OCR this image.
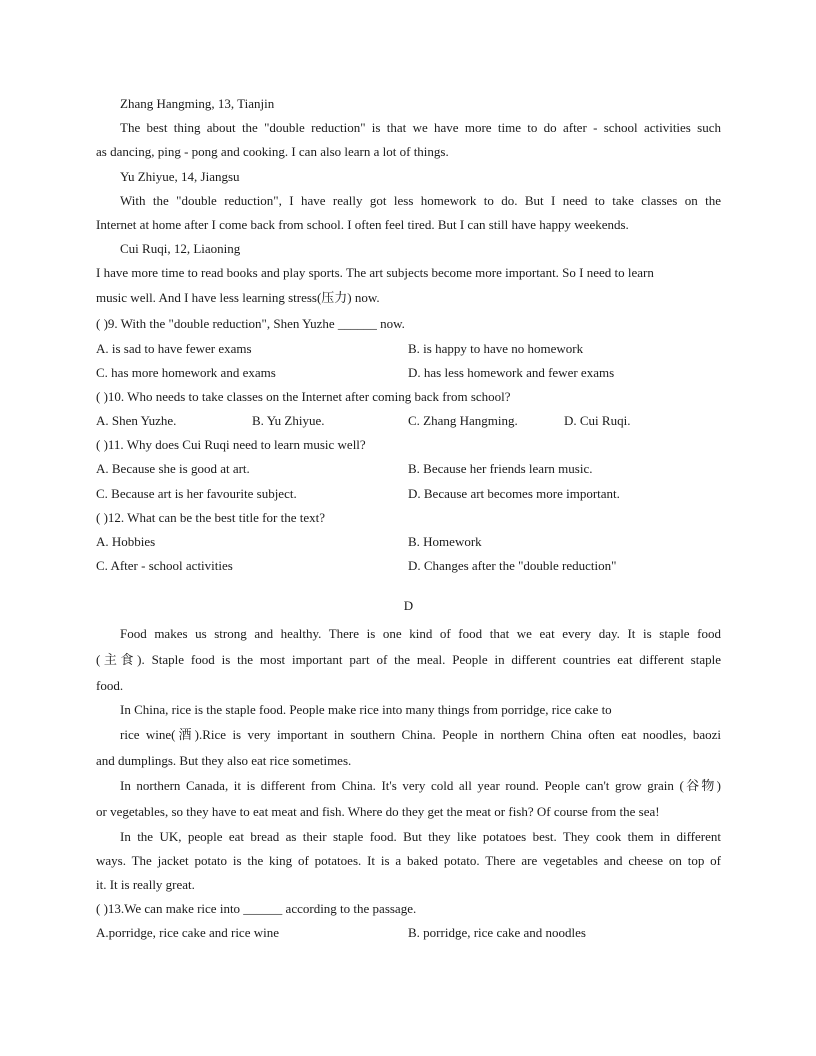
Zhang Hangming, 13, Tianjin
The best thing about the "double reduction" is that we have more time to do after - school activities such
as dancing, ping - pong and cooking. I can also learn a lot of things.
Yu Zhiyue, 14, Jiangsu
With the "double reduction", I have really got less homework to do. But I need to take classes on the
Internet at home after I come back from school. I often feel tired. But I can still have happy weekends.
Cui Ruqi, 12, Liaoning
I have more time to read books and play sports. The art subjects become more important. So I need to learn
music well. And I have less learning stress(压力) now.
( )9. With the "double reduction", Shen Yuzhe ______ now.
A. is sad to have fewer exams	B. is happy to have no homework
C. has more homework and exams	D. has less homework and fewer exams
( )10. Who needs to take classes on the Internet after coming back from school?
A. Shen Yuzhe.	B. Yu Zhiyue.	C. Zhang Hangming.	D. Cui Ruqi.
( )11. Why does Cui Ruqi need to learn music well?
A. Because she is good at art.	B. Because her friends learn music.
C. Because art is her favourite subject.	D. Because art becomes more important.
( )12. What can be the best title for the text?
A. Hobbies	B. Homework
C. After - school activities	D. Changes after the "double reduction"
D
Food makes us strong and healthy. There is one kind of food that we eat every day. It is staple food
(主食). Staple food is the most important part of the meal. People in different countries eat different staple
food.
In China, rice is the staple food. People make rice into many things from porridge, rice cake to
rice wine(酒).Rice is very important in southern China. People in northern China often eat noodles, baozi
and dumplings. But they also eat rice sometimes.
In northern Canada, it is different from China. It's very cold all year round. People can't grow grain (谷物)
or vegetables, so they have to eat meat and fish. Where do they get the meat or fish? Of course from the sea!
In the UK, people eat bread as their staple food. But they like potatoes best. They cook them in different
ways. The jacket potato is the king of potatoes. It is a baked potato. There are vegetables and cheese on top of
it. It is really great.
( )13.We can make rice into ______ according to the passage.
A.porridge, rice cake and rice wine	B. porridge, rice cake and noodles
